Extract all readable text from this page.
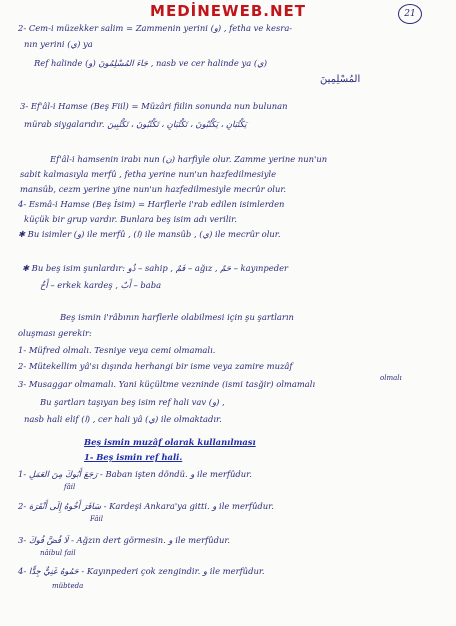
MEDİNEWEB.NET	21
2- Cem-i müzekker salim = Zammenin yerini (و) , fetha ve kesra-
nın yerini (ي) ya
Ref halinde (و) جَاءَ المُسْلِمُونَ , nasb ve cer halinde ya (ي)
المُسْلِمِينَ
3- Ef'âl-i Hamse (Beş Fiil) = Müzâri fiilin sonunda nun bulunan
mürab siygalarıdır. يَكْتُبَانِ ، يَكْتُبُونَ ، تَكْتُبَانِ ، تَكْتُبُونَ ، تَكْتُبِينَ
Ef'âl-i hamsenin irabı nun (ن) harfiyle olur. Zamme yerine nun'un
sabit kalmasıyla merfû , fetha yerine nun'un hazfedilmesiyle
mansûb, cezm yerine yine nun'un hazfedilmesiyle mecrûr olur.
4- Esmâ-i Hamse (Beş İsim) = Harflerle i'rab edilen isimlerden
küçük bir grup vardır. Bunlara beş isim adı verilir.
✱ Bu isimler (و) ile merfû , (ا) ile mansûb , (ي) ile mecrûr olur.
✱ Bu beş isim şunlardır: ذُو – sahip , فَمٌ – ağız , حَمٌ – kayınpeder
أَخٌ – erkek kardeş , أَبٌ – baba
Beş ismin i'râbının harflerle olabilmesi için şu şartların
oluşması gerekir:
1- Müfred olmalı. Tesniye veya cemi olmamalı.
2- Mütekellim yâ'sı dışında herhangi bir isme veya zamire muzâf
olmalı
3- Musaggar olmamalı. Yani küçültme vezninde (ismi tasğir) olmamalı
Bu şartları taşıyan beş isim ref hali vav (و) ,
nasb hali elif (ا) , cer hali yâ (ي) ile olmaktadır.
Beş ismin muzâf olarak kullanılması
1- Beş ismin ref hali.
1- رَجَعَ أَبُوكَ مِنَ العَمَلِ - Baban işten döndü. و ile merfûdur.
fâil
2- سَافَرَ أَخُوهُ إِلَى أَنْقَرَة - Kardeşi Ankara'ya gitti. و ile merfûdur.
Fâil
3- لَا فُضَّ فُوكَ - Ağzın dert görmesin. و ile merfûdur.
nâibul fail
4- حَمُوهُ غَنِيٌّ جِدًّا - Kayınpederi çok zengindir. و ile merfûdur.
mübteda
